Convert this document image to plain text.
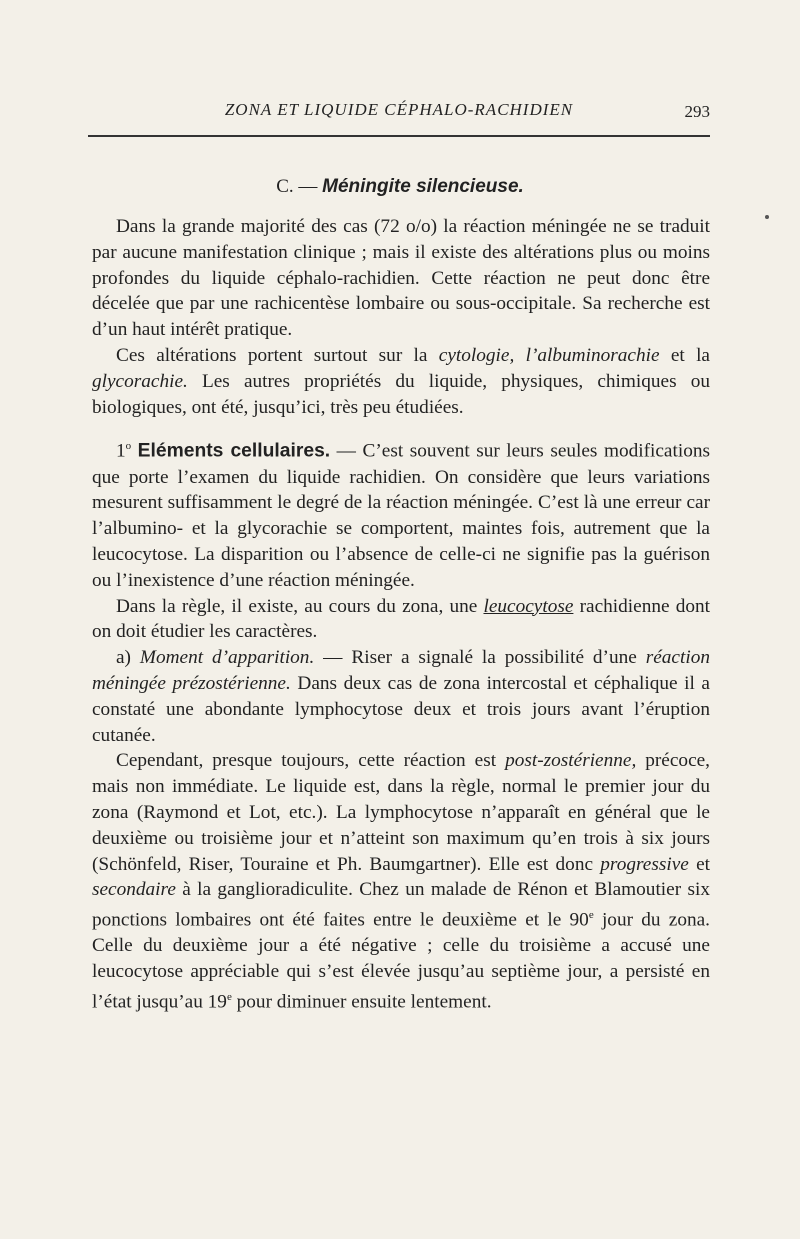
ZONA ET LIQUIDE CÉPHALO-RACHIDIEN	293
C. — Méningite silencieuse.

Dans la grande majorité des cas (72 o/o) la réaction méningée ne se traduit par aucune manifestation clinique ; mais il existe des altérations plus ou moins profondes du liquide céphalo-rachidien. Cette réaction ne peut donc être décelée que par une rachicentèse lombaire ou sous-occipitale. Sa recherche est d’un haut intérêt pratique.

Ces altérations portent surtout sur la cytologie, l’albuminorachie et la glycorachie. Les autres propriétés du liquide, physiques, chimiques ou biologiques, ont été, jusqu’ici, très peu étudiées.

1$^o$ Eléments cellulaires. — C’est souvent sur leurs seules modifications que porte l’examen du liquide rachidien. On considère que leurs variations mesurent suffisamment le degré de la réaction méningée. C’est là une erreur car l’albumino- et la glycorachie se comportent, maintes fois, autrement que la leucocytose. La disparition ou l’absence de celle-ci ne signifie pas la guérison ou l’inexistence d’une réaction méningée.

Dans la règle, il existe, au cours du zona, une leucocytose rachidienne dont on doit étudier les caractères.

a) Moment d’apparition. — Riser a signalé la possibilité d’une réaction méningée prézostérienne. Dans deux cas de zona intercostal et céphalique il a constaté une abondante lymphocytose deux et trois jours avant l’éruption cutanée.

Cependant, presque toujours, cette réaction est post-zostérienne, précoce, mais non immédiate. Le liquide est, dans la règle, normal le premier jour du zona (Raymond et Lot, etc.). La lymphocytose n’apparaît en général que le deuxième ou troisième jour et n’atteint son maximum qu’en trois à six jours (Schönfeld, Riser, Touraine et Ph. Baumgartner). Elle est donc progressive et secondaire à la ganglioradiculite. Chez un malade de Rénon et Blamoutier six ponctions lombaires ont été faites entre le deuxième et le 90e jour du zona. Celle du deuxième jour a été négative ; celle du troisième a accusé une leucocytose appréciable qui s’est élevée jusqu’au septième jour, a persisté en l’état jusqu’au 19e pour diminuer ensuite lentement.
